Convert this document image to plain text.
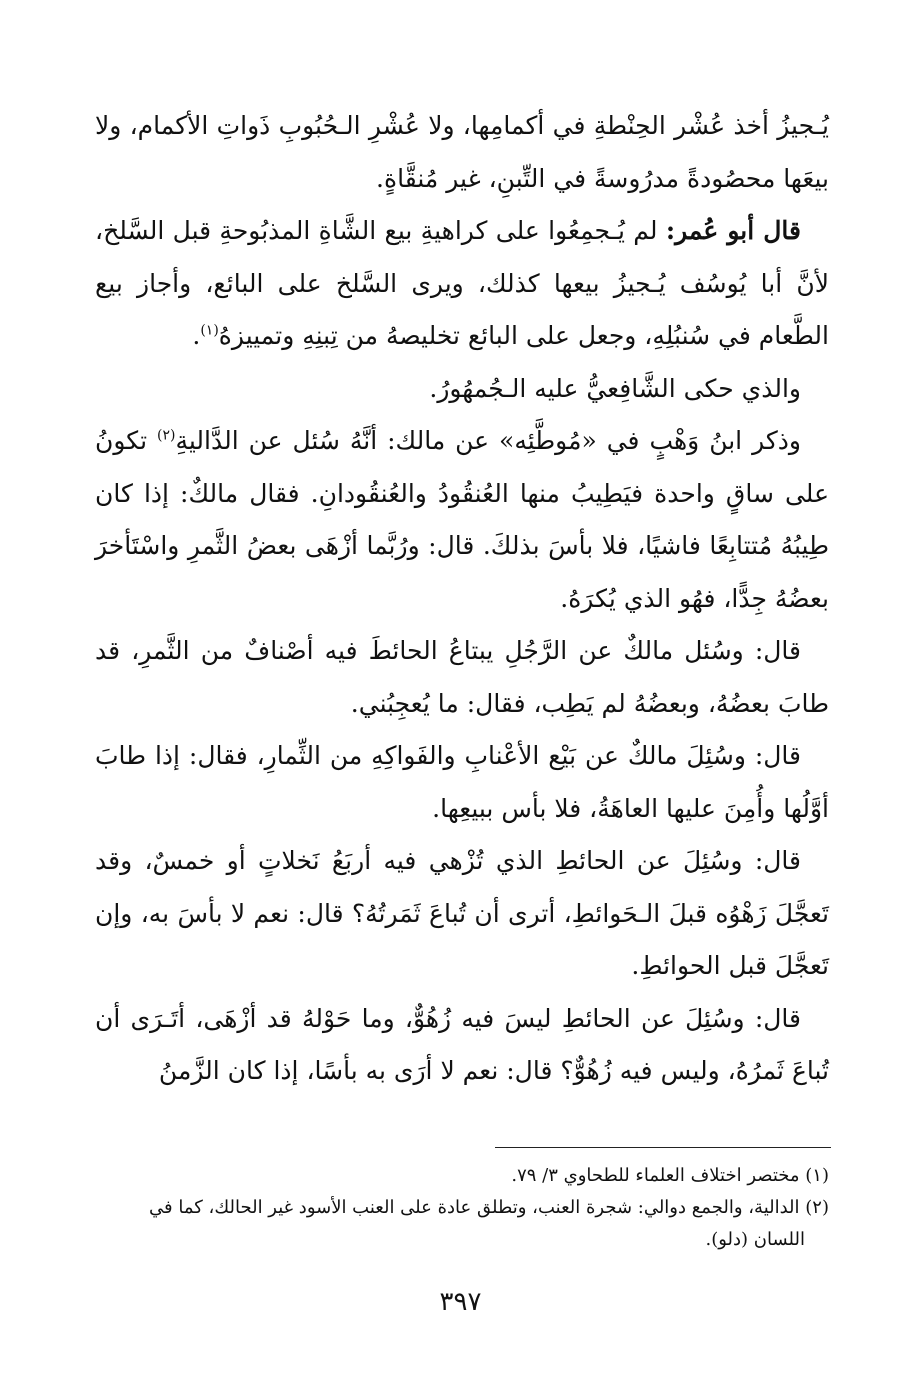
يُـجيزُ أخذ عُشْر الحِنْطةِ في أكمامِها، ولا عُشْرِ الـحُبُوبِ ذَواتِ الأكمام، ولا بيعَها محصُودةً مدرُوسةً في التِّبنِ، غير مُنقَّاةٍ.

قال أبو عُمر: لم يُـجمِعُوا على كراهيةِ بيع الشَّاةِ المذبُوحةِ قبل السَّلخ، لأنَّ أبا يُوسُف يُـجيزُ بيعها كذلك، ويرى السَّلخ على البائع، وأجاز بيع الطَّعام في سُنبُلِهِ، وجعل على البائع تخليصهُ من تِبنِهِ وتمييزهُ$^{(١)}$.

والذي حكى الشَّافِعيُّ عليه الـجُمهُورُ.

وذكر ابنُ وَهْبٍ في «مُوطَّئِه» عن مالك: أنَّهُ سُئل عن الدَّاليةِ$^{(٢)}$ تكونُ على ساقٍ واحدة فيَطِيبُ منها العُنقُودُ والعُنقُودانِ. فقال مالكٌ: إذا كان طِيبُهُ مُتتابِعًا فاشيًا، فلا بأسَ بذلكَ. قال: ورُبَّما أزْهَى بعضُ الثَّمرِ واسْتَأخرَ بعضُهُ جِدًّا، فهُو الذي يُكرَهُ.

قال: وسُئل مالكٌ عن الرَّجُلِ يبتاعُ الحائطَ فيه أصْنافٌ من الثَّمرِ، قد طابَ بعضُهُ، وبعضُهُ لم يَطِب، فقال: ما يُعجِبُني.

قال: وسُئِلَ مالكٌ عن بَيْع الأعْنابِ والفَواكِهِ من الثِّمارِ، فقال: إذا طابَ أوَّلُها وأُمِنَ عليها العاهَةُ، فلا بأس ببيعِها.

قال: وسُئِلَ عن الحائطِ الذي تُزْهي فيه أربَعُ نَخلاتٍ أو خمسٌ، وقد تَعجَّلَ زَهْوُه قبلَ الـحَوائطِ، أترى أن تُباعَ ثَمَرتُهُ؟ قال: نعم لا بأسَ به، وإن تَعجَّلَ قبل الحوائطِ.

قال: وسُئِلَ عن الحائطِ ليسَ فيه زُهُوٌّ، وما حَوْلهُ قد أزْهَى، أتَـرَى أن تُباعَ ثَمرُهُ، وليس فيه زُهُوٌّ؟ قال: نعم لا أرَى به بأسًا، إذا كان الزَّمنُ

(١) مختصر اختلاف العلماء للطحاوي ٣/ ٧٩.

(٢) الدالية، والجمع دوالي: شجرة العنب، وتطلق عادة على العنب الأسود غير الحالك، كما في

اللسان (دلو).

٣٩٧
